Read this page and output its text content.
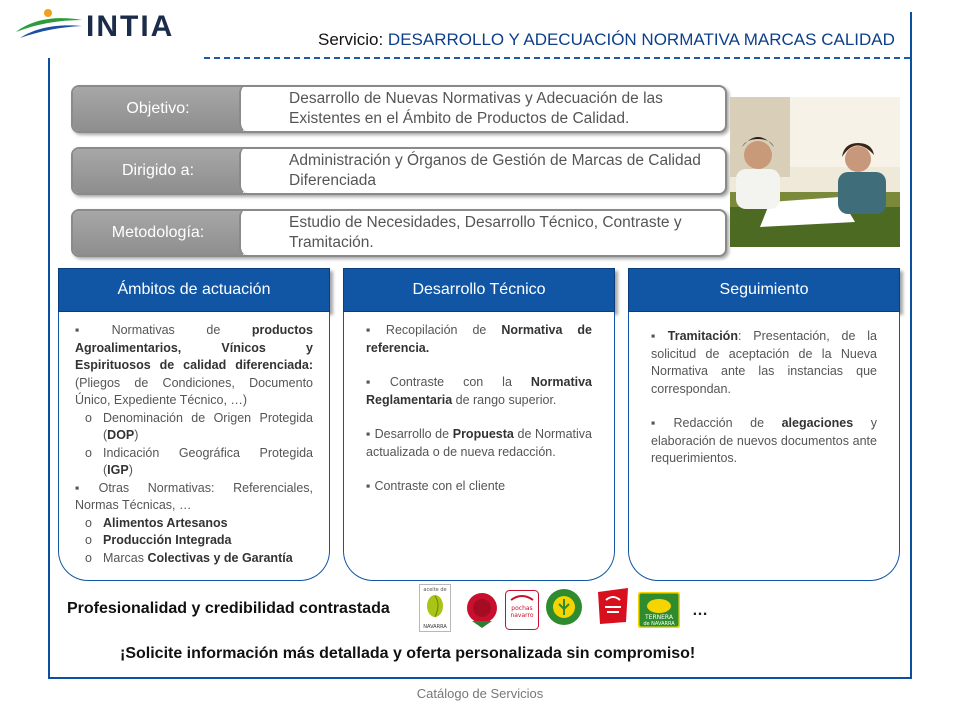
INTIA	Servicio: DESARROLLO Y ADECUACIÓN NORMATIVA MARCAS CALIDAD
Objetivo:
Desarrollo de Nuevas Normativas y Adecuación de las Existentes en el Ámbito de Productos de Calidad.
Dirigido a:
Administración y Órganos de Gestión de Marcas de Calidad Diferenciada
Metodología:
Estudio de Necesidades, Desarrollo Técnico, Contraste y Tramitación.
Ámbitos de actuación

▪ Normativas de productos Agroalimentarios, Vínicos y Espirituosos de calidad diferenciada: (Pliegos de Condiciones, Documento Único, Expediente Técnico, …)

o Denominación de Origen Protegida (DOP)

o Indicación Geográfica Protegida (IGP)

▪ Otras Normativas: Referenciales, Normas Técnicas, …

o Alimentos Artesanos

o Producción Integrada

o Marcas Colectivas y de Garantía

Desarrollo Técnico

▪ Recopilación de Normativa de referencia.

▪ Contraste con la Normativa Reglamentaria de rango superior.

▪ Desarrollo de Propuesta de Normativa actualizada o de nueva redacción.

▪ Contraste con el cliente

Seguimiento

▪ Tramitación: Presentación, de la solicitud de aceptación de la Nueva Normativa ante las instancias que correspondan.

▪ Redacción de alegaciones y elaboración de nuevos documentos ante requerimientos.

Profesionalidad y credibilidad contrastada
aceite de
NAVARRA
pochas
navarro	TERNERA
de NAVARRA
…
¡Solicite información más detallada y oferta personalizada sin compromiso!
Catálogo de Servicios
